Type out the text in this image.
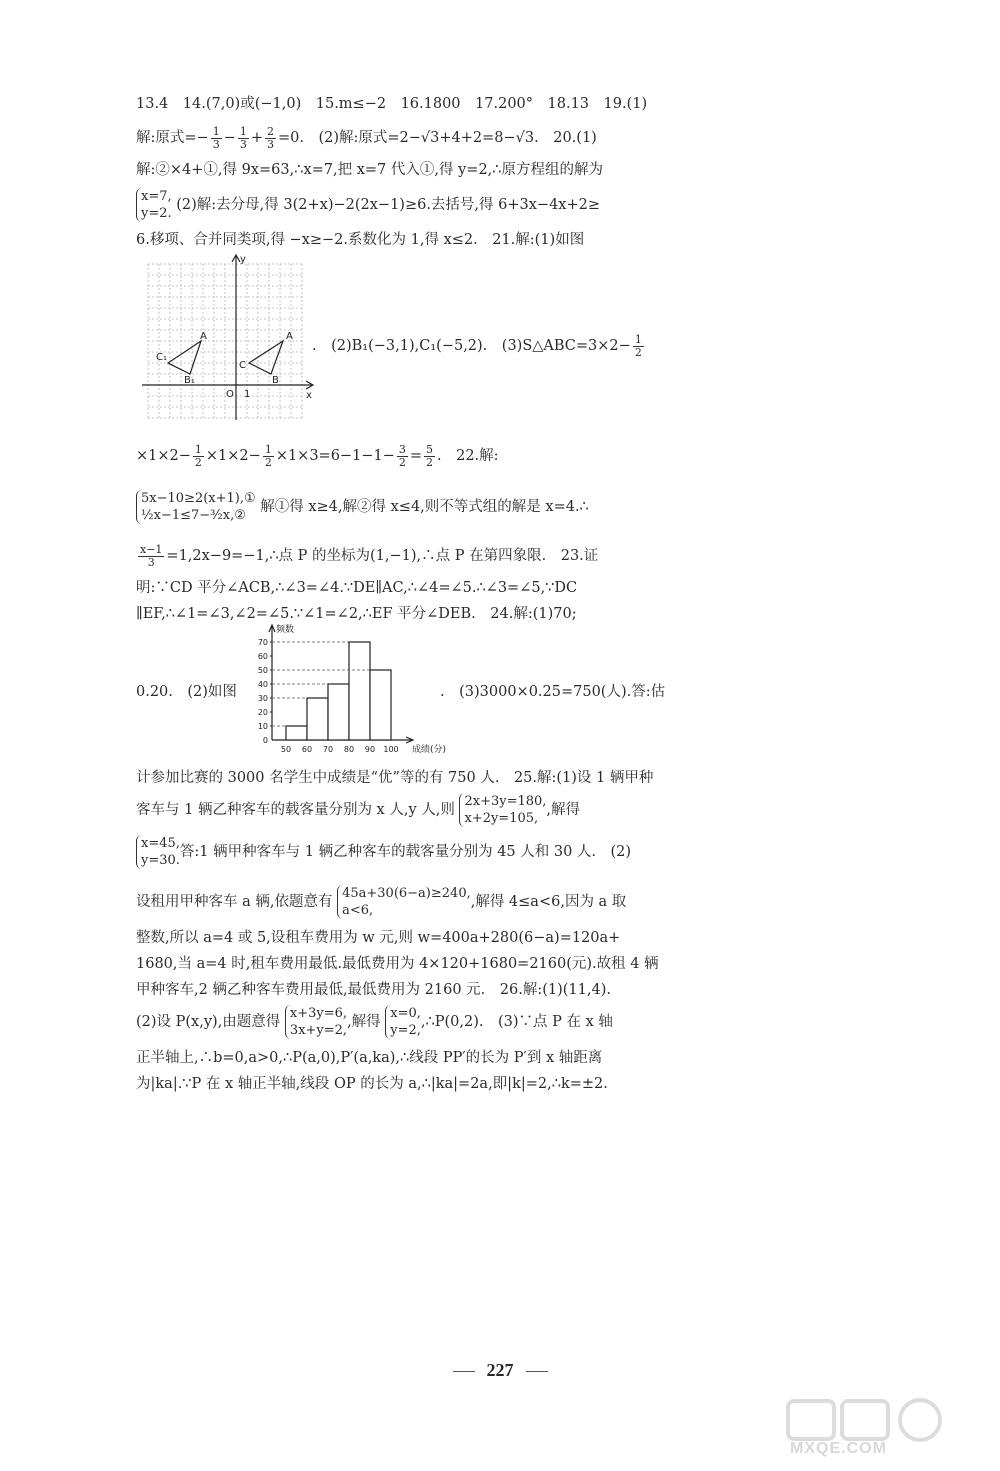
13.4　14.(7,0)或(−1,0)　15.m≤−2　16.1800　17.200°　18.13　19.(1)
解:原式=− $\frac{1}{3} - \frac{1}{3} + \frac{2}{3} =0$.　(2)解:原式=2−√3+4+2=8−√3.　20.(1)
解:②×4+①,得 9x=63,∴x=7,把 x=7 代入①,得 y=2,∴原方程组的解为
x=7,
y=2.
(2)解:去分母,得 3(2+x)−2(2x−1)≥6.去括号,得 6+3x−4x+2≥
6.移项、合并同类项,得 −x≥−2.系数化为 1,得 x≤2.　21.解:(1)如图
y
x
O 1
A
B₁
C₁
A
B
C
.　(2)B₁(−3,1),C₁(−5,2).　(3)S△ABC=3×2− $\frac{1}{2}$
$\times 1\times 2- \frac{1}{2} \times 1\times 2- \frac{1}{2} \times 1\times 3=6-1-1- \frac{3}{2} = \frac{5}{2}$ .　22.解:
5x−10≥2(x+1),①
½x−1≤7−³⁄₂x,②
解①得 x≥4,解②得 x≤4,则不等式组的解是 x=4.∴
$\frac{x-1}{3}$ =1,2x−9=−1,∴点 P 的坐标为(1,−1),∴点 P 在第四象限.　23.证
明:∵CD 平分∠ACB,∴∠3=∠4.∵DE∥AC,∴∠4=∠5.∴∠3=∠5,∵DC
∥EF,∴∠1=∠3,∠2=∠5.∵∠1=∠2,∴EF 平分∠DEB.　24.解:(1)70;
0
10
20
30
40
50
60
70
50 60 70 80 90 100
频数
成绩(分)
0.20.　(2)如图	.　(3)3000×0.25=750(人).答:估
计参加比赛的 3000 名学生中成绩是“优”等的有 750 人.　25.解:(1)设 1 辆甲种
客车与 1 辆乙种客车的载客量分别为 x 人,y 人,则
2x+3y=180,
x+2y=105,
,解得
x=45,
y=30.
答:1 辆甲种客车与 1 辆乙种客车的载客量分别为 45 人和 30 人.　(2)
设租用甲种客车 a 辆,依题意有
45a+30(6−a)≥240,
a<6,
,解得 4≤a<6,因为 a 取
整数,所以 a=4 或 5,设租车费用为 w 元,则 w=400a+280(6−a)=120a+
1680,当 a=4 时,租车费用最低.最低费用为 4×120+1680=2160(元).故租 4 辆
甲种客车,2 辆乙种客车费用最低,最低费用为 2160 元.　26.解:(1)(11,4).
(2)设 P(x,y),由题意得
x+3y=6,
3x+y=2,
,解得
x=0,
y=2,
,∴P(0,2).　(3)∵点 P 在 x 轴
正半轴上,∴b=0,a>0,∴P(a,0),P′(a,ka),∴线段 PP′的长为 P′到 x 轴距离
为|ka|.∵P 在 x 轴正半轴,线段 OP 的长为 a,∴|ka|=2a,即|k|=2,∴k=±2.
227
MXQE.COM
